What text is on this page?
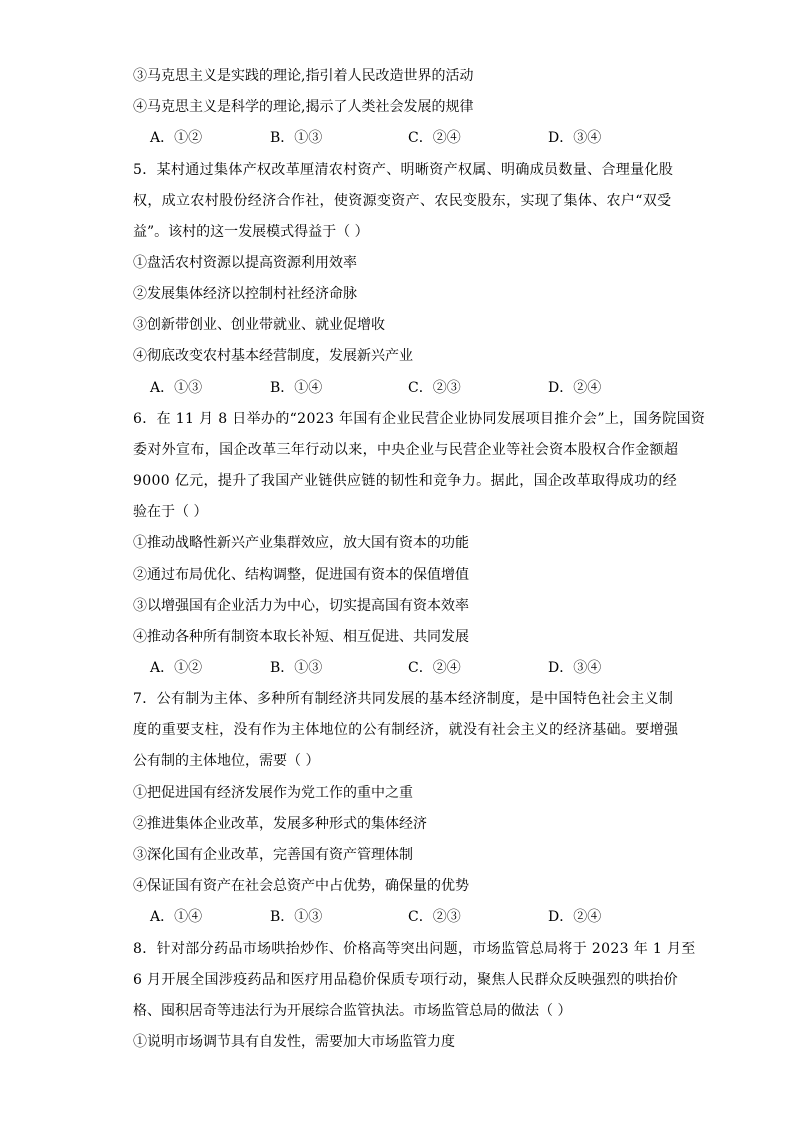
③马克思主义是实践的理论,指引着人民改造世界的活动
④马克思主义是科学的理论,揭示了人类社会发展的规律
A．①②	B．①③	C．②④	D．③④
5．某村通过集体产权改革厘清农村资产、明晰资产权属、明确成员数量、合理量化股
权，成立农村股份经济合作社，使资源变资产、农民变股东，实现了集体、农户“双受
益”。该村的这一发展模式得益于（ ）
①盘活农村资源以提高资源利用效率
②发展集体经济以控制村社经济命脉
③创新带创业、创业带就业、就业促增收
④彻底改变农村基本经营制度，发展新兴产业
A．①③	B．①④	C．②③	D．②④
6．在 11 月 8 日举办的“2023 年国有企业民营企业协同发展项目推介会”上，国务院国资
委对外宣布，国企改革三年行动以来，中央企业与民营企业等社会资本股权合作金额超
9000 亿元，提升了我国产业链供应链的韧性和竞争力。据此，国企改革取得成功的经
验在于（ ）
①推动战略性新兴产业集群效应，放大国有资本的功能
②通过布局优化、结构调整，促进国有资本的保值增值
③以增强国有企业活力为中心，切实提高国有资本效率
④推动各种所有制资本取长补短、相互促进、共同发展
A．①②	B．①③	C．②④	D．③④
7．公有制为主体、多种所有制经济共同发展的基本经济制度，是中国特色社会主义制
度的重要支柱，没有作为主体地位的公有制经济，就没有社会主义的经济基础。要增强
公有制的主体地位，需要（ ）
①把促进国有经济发展作为党工作的重中之重
②推进集体企业改革，发展多种形式的集体经济
③深化国有企业改革，完善国有资产管理体制
④保证国有资产在社会总资产中占优势，确保量的优势
A．①④	B．①③	C．②③	D．②④
8．针对部分药品市场哄抬炒作、价格高等突出问题，市场监管总局将于 2023 年 1 月至
6 月开展全国涉疫药品和医疗用品稳价保质专项行动，聚焦人民群众反映强烈的哄抬价
格、囤积居奇等违法行为开展综合监管执法。市场监管总局的做法（ ）
①说明市场调节具有自发性，需要加大市场监管力度
